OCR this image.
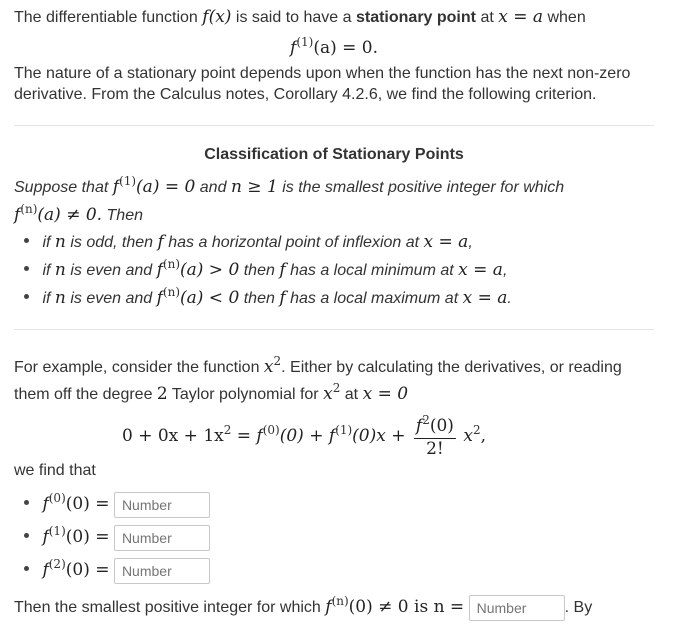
The differentiable function f(x) is said to have a stationary point at x = a when
$f^{(1)}(a) = 0$.
The nature of a stationary point depends upon when the function has the next non-zero
derivative. From the Calculus notes, Corollary 4.2.6, we find the following criterion.
Classification of Stationary Points
Suppose that $f^{(1)}(a) = 0$ and n ≥ 1 is the smallest positive integer for which
$f^{(n)}(a) \ne 0$. Then
if n is odd, then f has a horizontal point of inflexion at x = a,
if n is even and $f^{(n)}(a) > 0$ then f has a local minimum at x = a,
if n is even and $f^{(n)}(a) < 0$ then f has a local maximum at x = a.
For example, consider the function $x^2$. Either by calculating the derivatives, or reading
them off the degree 2 Taylor polynomial for $x^2$ at x = 0
$0 + 0x + 1x^2 = f^{(0)}(0) + f^{(1)}(0)x + \frac{f^2(0)}{2!} x^2$,
we find that
$f^{(0)}(0)$ = Number
$f^{(1)}(0)$ = Number
$f^{(2)}(0)$ = Number
Then the smallest positive integer for which $f^{(n)}(0) \ne 0$ is n = Number	. By
